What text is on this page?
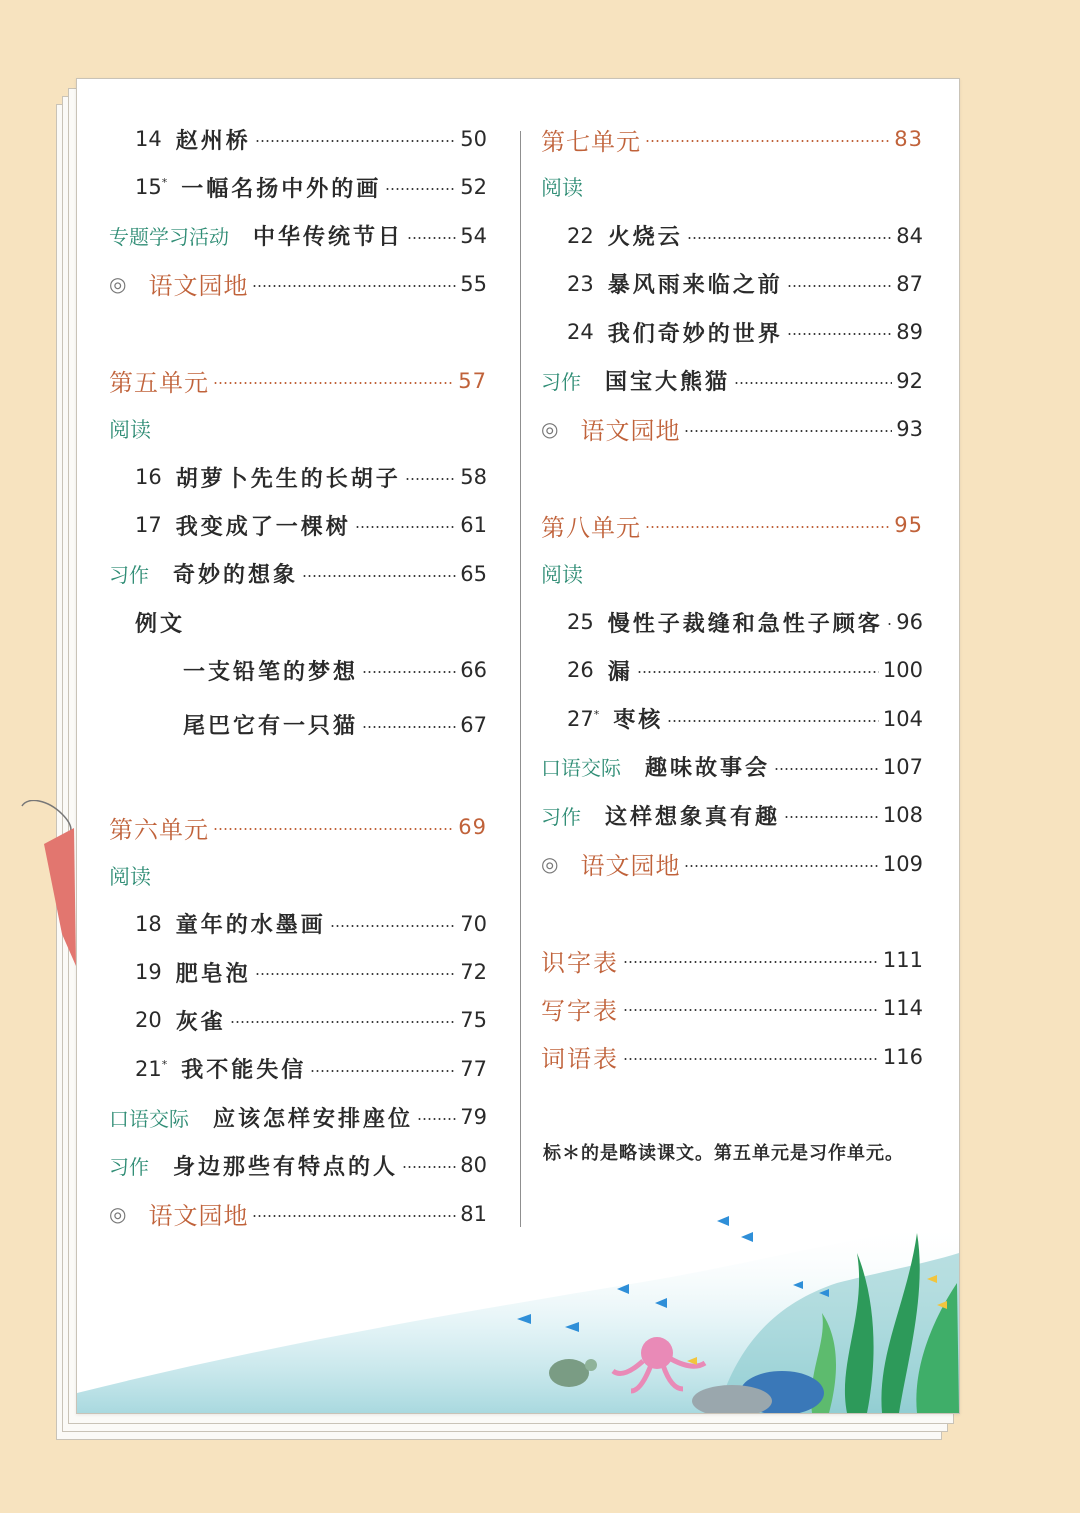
14 赵州桥	50
15* 一幅名扬中外的画	52
专题学习活动 中华传统节日	54
◎ 语文园地	55
第五单元	57
阅读
16 胡萝卜先生的长胡子	58
17 我变成了一棵树	61
习作 奇妙的想象	65
例文
一支铅笔的梦想	66
尾巴它有一只猫	67
第六单元	69
阅读
18 童年的水墨画	70
19 肥皂泡	72
20 灰雀	75
21* 我不能失信	77
口语交际 应该怎样安排座位 79
习作 身边那些有特点的人	80
◎ 语文园地	81
第七单元	83
阅读
22 火烧云	84
23 暴风雨来临之前	87
24 我们奇妙的世界	89
习作 国宝大熊猫	92
◎ 语文园地	93
第八单元	95
阅读
25 慢性子裁缝和急性子顾客 96
26 漏	100
27* 枣核	104
口语交际 趣味故事会	107
习作 这样想象真有趣	108
◎ 语文园地	109
识字表	111
写字表	114
词语表	116
标＊的是略读课文。第五单元是习作单元。
